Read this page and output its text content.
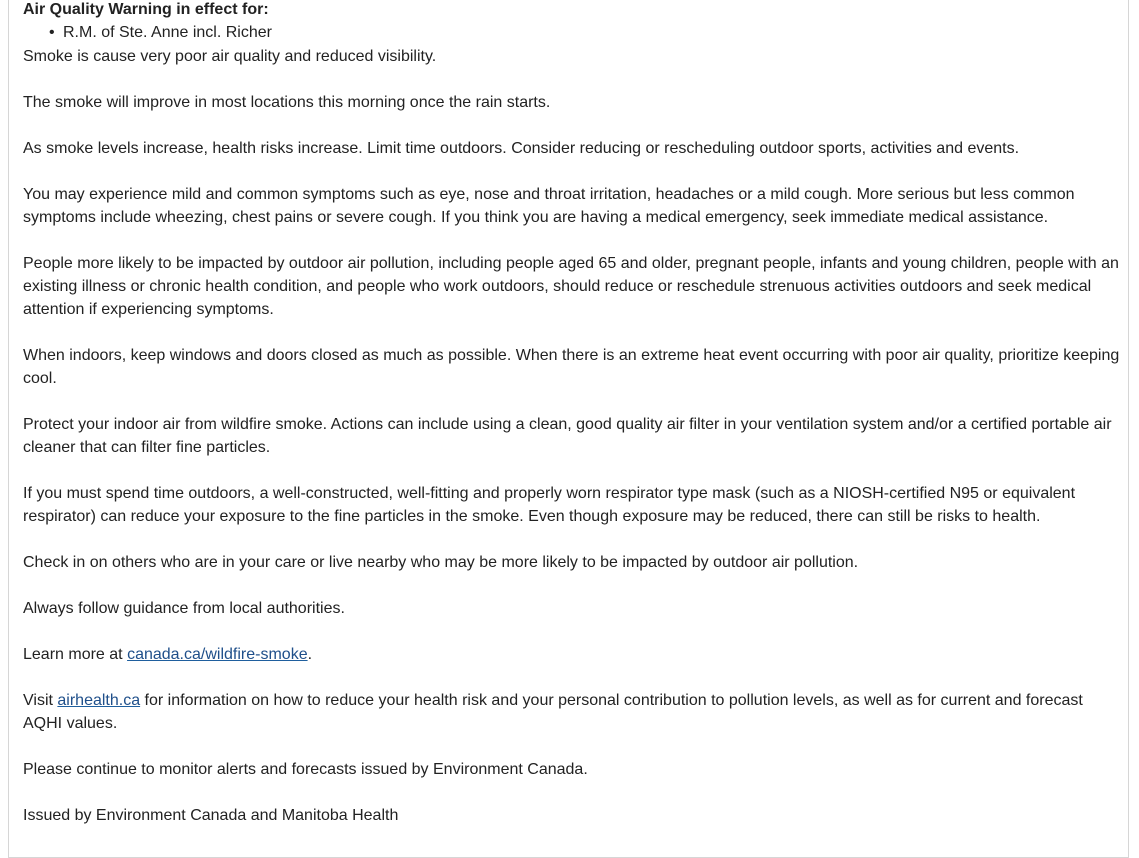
Air Quality Warning in effect for:
• R.M. of Ste. Anne incl. Richer

Smoke is cause very poor air quality and reduced visibility.

The smoke will improve in most locations this morning once the rain starts.

As smoke levels increase, health risks increase. Limit time outdoors. Consider reducing or rescheduling outdoor sports, activities and events.

You may experience mild and common symptoms such as eye, nose and throat irritation, headaches or a mild cough. More serious but less common symptoms include wheezing, chest pains or severe cough. If you think you are having a medical emergency, seek immediate medical assistance.

People more likely to be impacted by outdoor air pollution, including people aged 65 and older, pregnant people, infants and young children, people with an existing illness or chronic health condition, and people who work outdoors, should reduce or reschedule strenuous activities outdoors and seek medical attention if experiencing symptoms.

When indoors, keep windows and doors closed as much as possible. When there is an extreme heat event occurring with poor air quality, prioritize keeping cool.

Protect your indoor air from wildfire smoke. Actions can include using a clean, good quality air filter in your ventilation system and/or a certified portable air cleaner that can filter fine particles.

If you must spend time outdoors, a well-constructed, well-fitting and properly worn respirator type mask (such as a NIOSH-certified N95 or equivalent respirator) can reduce your exposure to the fine particles in the smoke. Even though exposure may be reduced, there can still be risks to health.

Check in on others who are in your care or live nearby who may be more likely to be impacted by outdoor air pollution.

Always follow guidance from local authorities.

Learn more at canada.ca/wildfire-smoke.

Visit airhealth.ca for information on how to reduce your health risk and your personal contribution to pollution levels, as well as for current and forecast AQHI values.

Please continue to monitor alerts and forecasts issued by Environment Canada.

Issued by Environment Canada and Manitoba Health
